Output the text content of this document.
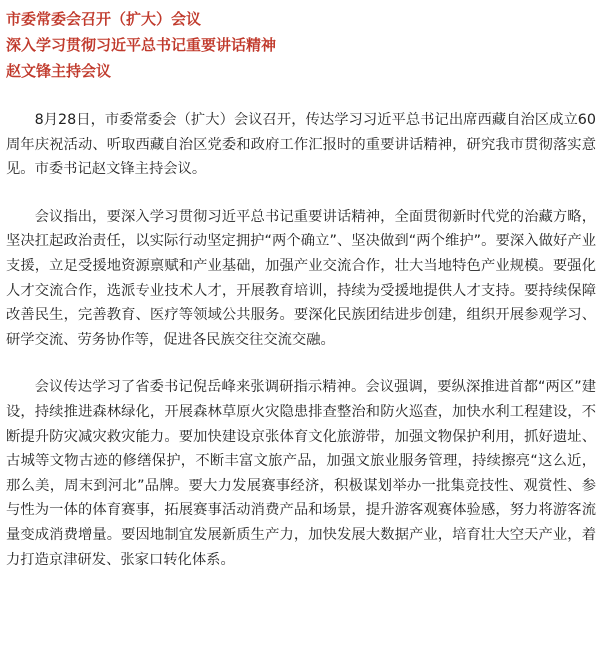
市委常委会召开（扩大）会议
深入学习贯彻习近平总书记重要讲话精神
赵文锋主持会议

8月28日，市委常委会（扩大）会议召开，传达学习习近平总书记出席西藏自治区成立60周年庆祝活动、听取西藏自治区党委和政府工作汇报时的重要讲话精神，研究我市贯彻落实意见。市委书记赵文锋主持会议。

会议指出，要深入学习贯彻习近平总书记重要讲话精神，全面贯彻新时代党的治藏方略，坚决扛起政治责任，以实际行动坚定拥护“两个确立”、坚决做到“两个维护”。要深入做好产业支援，立足受援地资源禀赋和产业基础，加强产业交流合作，壮大当地特色产业规模。要强化人才交流合作，选派专业技术人才，开展教育培训，持续为受援地提供人才支持。要持续保障改善民生，完善教育、医疗等领域公共服务。要深化民族团结进步创建，组织开展参观学习、研学交流、劳务协作等，促进各民族交往交流交融。

会议传达学习了省委书记倪岳峰来张调研指示精神。会议强调，要纵深推进首都“两区”建设，持续推进森林绿化，开展森林草原火灾隐患排查整治和防火巡查，加快水利工程建设，不断提升防灾减灾救灾能力。要加快建设京张体育文化旅游带，加强文物保护利用，抓好遗址、古城等文物古迹的修缮保护，不断丰富文旅产品，加强文旅业服务管理，持续擦亮“这么近，那么美，周末到河北”品牌。要大力发展赛事经济，积极谋划举办一批集竞技性、观赏性、参与性为一体的体育赛事，拓展赛事活动消费产品和场景，提升游客观赛体验感，努力将游客流量变成消费增量。要因地制宜发展新质生产力，加快发展大数据产业，培育壮大空天产业，着力打造京津研发、张家口转化体系。
